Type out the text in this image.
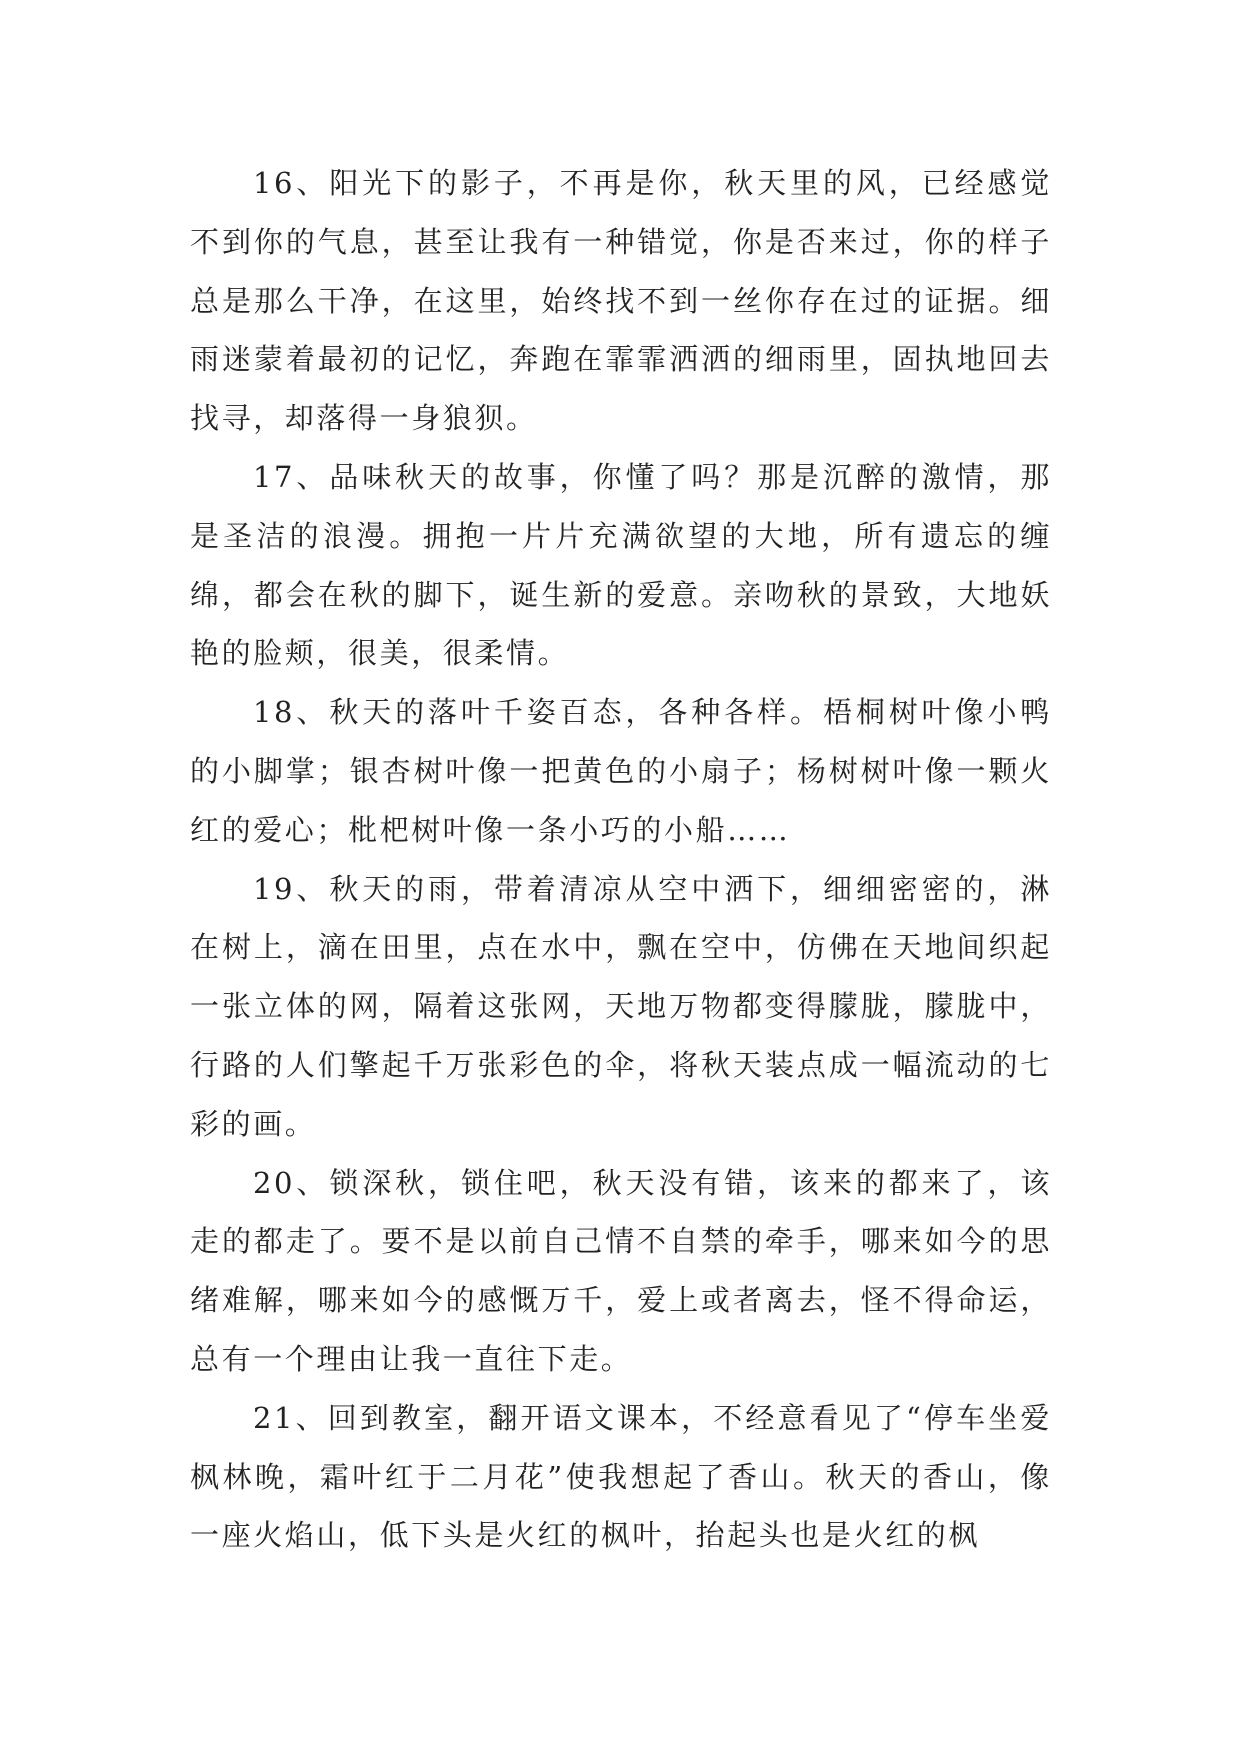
16、阳光下的影子，不再是你，秋天里的风，已经感觉不到你的气息，甚至让我有一种错觉，你是否来过，你的样子总是那么干净，在这里，始终找不到一丝你存在过的证据。细雨迷蒙着最初的记忆，奔跑在霏霏洒洒的细雨里，固执地回去找寻，却落得一身狼狈。

17、品味秋天的故事，你懂了吗？那是沉醉的激情，那是圣洁的浪漫。拥抱一片片充满欲望的大地，所有遗忘的缠绵，都会在秋的脚下，诞生新的爱意。亲吻秋的景致，大地妖艳的脸颊，很美，很柔情。

18、秋天的落叶千姿百态，各种各样。梧桐树叶像小鸭的小脚掌；银杏树叶像一把黄色的小扇子；杨树树叶像一颗火红的爱心；枇杷树叶像一条小巧的小船……

19、秋天的雨，带着清凉从空中洒下，细细密密的，淋在树上，滴在田里，点在水中，飘在空中，仿佛在天地间织起一张立体的网，隔着这张网，天地万物都变得朦胧，朦胧中，行路的人们擎起千万张彩色的伞，将秋天装点成一幅流动的七彩的画。

20、锁深秋，锁住吧，秋天没有错，该来的都来了，该走的都走了。要不是以前自己情不自禁的牵手，哪来如今的思绪难解，哪来如今的感慨万千，爱上或者离去，怪不得命运，总有一个理由让我一直往下走。

21、回到教室，翻开语文课本，不经意看见了“停车坐爱枫林晚，霜叶红于二月花”使我想起了香山。秋天的香山，像一座火焰山，低下头是火红的枫叶，抬起头也是火红的枫
